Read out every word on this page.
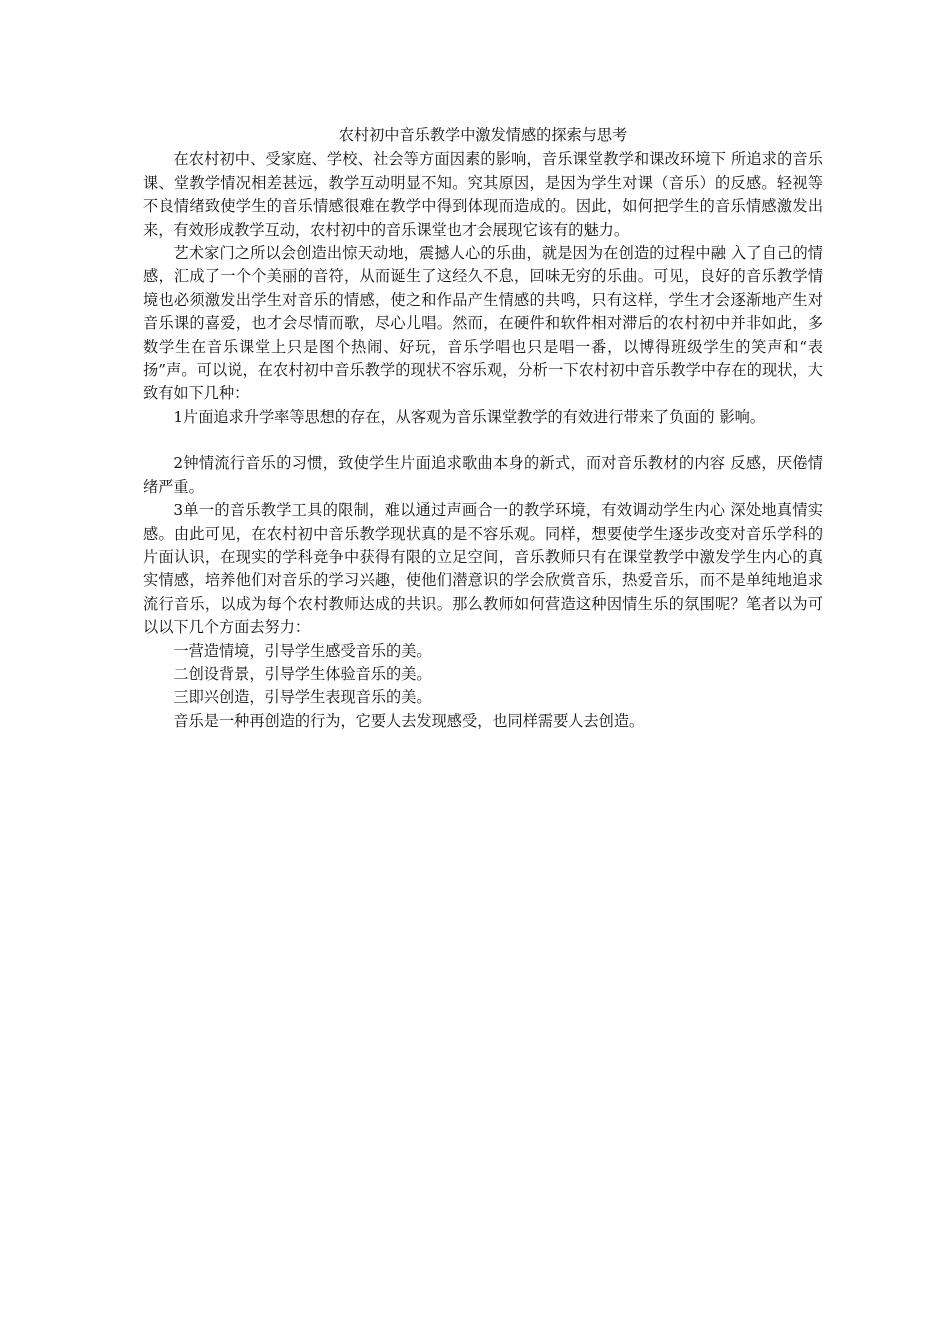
农村初中音乐教学中激发情感的探索与思考

在农村初中、受家庭、学校、社会等方面因素的影响，音乐课堂教学和课改环境下 所追求的音乐课、堂教学情况相差甚远，教学互动明显不知。究其原因，是因为学生对课（音乐）的反感。轻视等不良情绪致使学生的音乐情感很难在教学中得到体现而造成的。因此，如何把学生的音乐情感激发出来，有效形成教学互动，农村初中的音乐课堂也才会展现它该有的魅力。

艺术家门之所以会创造出惊天动地，震撼人心的乐曲，就是因为在创造的过程中融 入了自己的情感，汇成了一个个美丽的音符，从而诞生了这经久不息，回味无穷的乐曲。可见，良好的音乐教学情境也必须激发出学生对音乐的情感，使之和作品产生情感的共鸣，只有这样，学生才会逐渐地产生对音乐课的喜爱，也才会尽情而歌，尽心儿唱。然而，在硬件和软件相对滞后的农村初中并非如此，多数学生在音乐课堂上只是图个热闹、好玩，音乐学唱也只是唱一番，以博得班级学生的笑声和“表扬”声。可以说，在农村初中音乐教学的现状不容乐观，分析一下农村初中音乐教学中存在的现状，大致有如下几种：

1片面追求升学率等思想的存在，从客观为音乐课堂教学的有效进行带来了负面的 影响。

2钟情流行音乐的习惯，致使学生片面追求歌曲本身的新式，而对音乐教材的内容 反感，厌倦情绪严重。

3单一的音乐教学工具的限制，难以通过声画合一的教学环境，有效调动学生内心 深处地真情实感。由此可见，在农村初中音乐教学现状真的是不容乐观。同样，想要使学生逐步改变对音乐学科的片面认识，在现实的学科竞争中获得有限的立足空间，音乐教师只有在课堂教学中激发学生内心的真实情感，培养他们对音乐的学习兴趣，使他们潜意识的学会欣赏音乐，热爱音乐，而不是单纯地追求流行音乐，以成为每个农村教师达成的共识。那么教师如何营造这种因情生乐的氛围呢？笔者以为可以以下几个方面去努力：

一营造情境，引导学生感受音乐的美。

二创设背景，引导学生体验音乐的美。

三即兴创造，引导学生表现音乐的美。

音乐是一种再创造的行为，它要人去发现感受，也同样需要人去创造。
